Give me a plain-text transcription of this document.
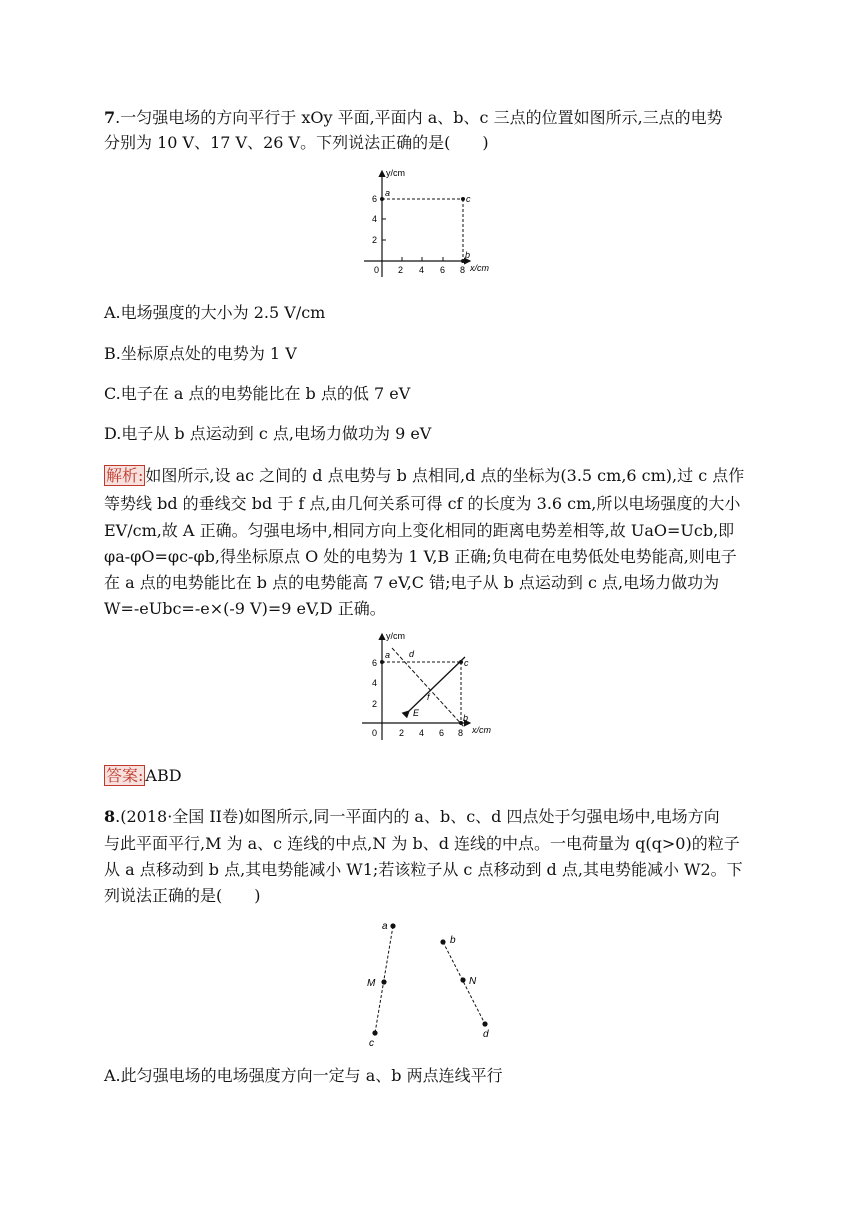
7.一匀强电场的方向平行于 xOy 平面,平面内 a、b、c 三点的位置如图所示,三点的电势
分别为 10 V、17 V、26 V。下列说法正确的是(　　)
y/cm
x/cm
0 2 4 6 8
2
4
6
a
c
b
A.电场强度的大小为 2.5 V/cm
B.坐标原点处的电势为 1 V
C.电子在 a 点的电势能比在 b 点的低 7 eV
D.电子从 b 点运动到 c 点,电场力做功为 9 eV
解析: 如图所示,设 ac 之间的 d 点电势与 b 点相同,d 点的坐标为(3.5 cm,6 cm),过 c 点作
等势线 bd 的垂线交 bd 于 f 点,由几何关系可得 cf 的长度为 3.6 cm,所以电场强度的大小
EV/cm,故 A 正确。匀强电场中,相同方向上变化相同的距离电势差相等,故 UaO=Ucb,即
φa-φO=φc-φb,得坐标原点 O 处的电势为 1 V,B 正确;负电荷在电势低处电势能高,则电子
在 a 点的电势能比在 b 点的电势能高 7 eV,C 错;电子从 b 点运动到 c 点,电场力做功为
W=-eUbc=-e×(-9 V)=9 eV,D 正确。
y/cm
x/cm
0 2 4 6 8
2
4
6
a d
c
b
f
E
答案: ABD
8.(2018·全国 II卷)如图所示,同一平面内的 a、b、c、d 四点处于匀强电场中,电场方向
与此平面平行,M 为 a、c 连线的中点,N 为 b、d 连线的中点。一电荷量为 q(q>0)的粒子
从 a 点移动到 b 点,其电势能减小 W1;若该粒子从 c 点移动到 d 点,其电势能减小 W2。下
列说法正确的是(　　)
a
M
c
b
N
d
A.此匀强电场的电场强度方向一定与 a、b 两点连线平行
